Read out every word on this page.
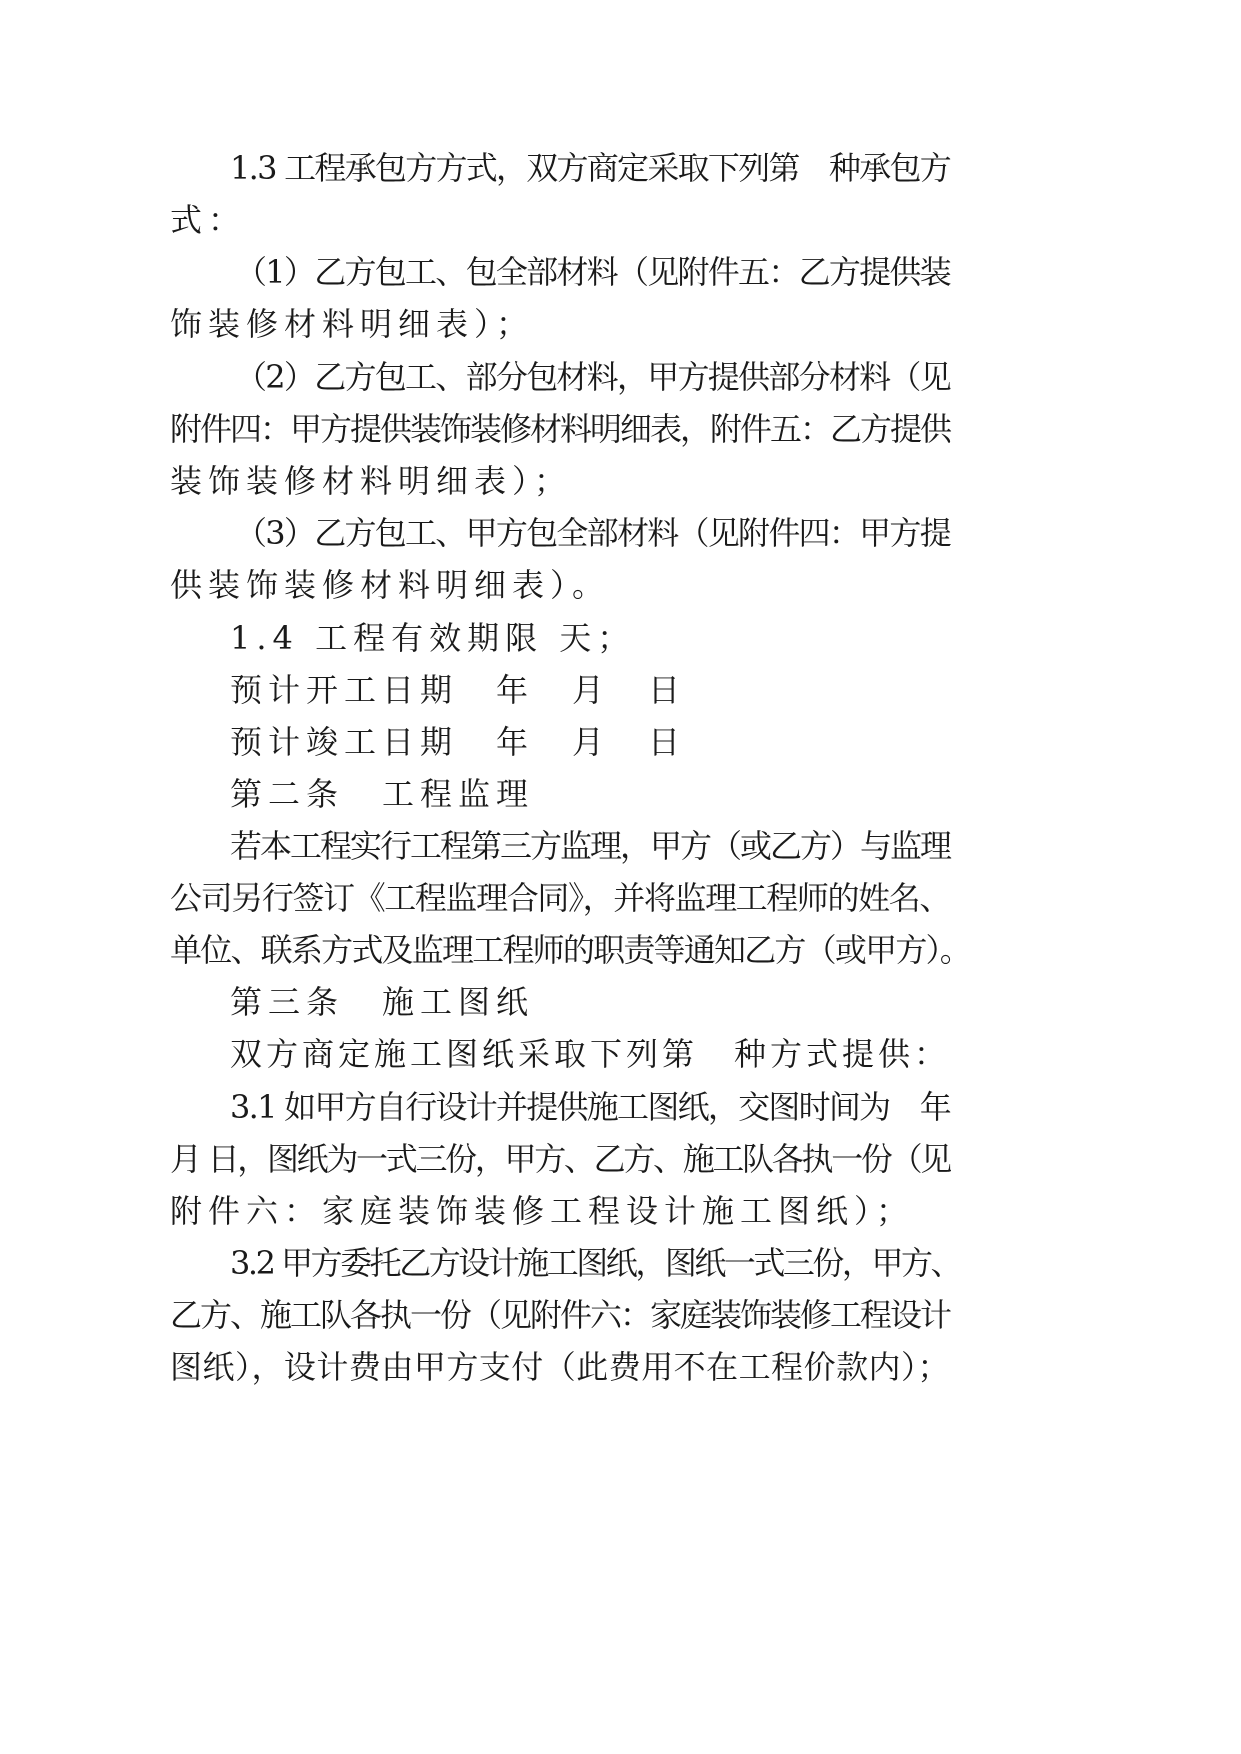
1.3 工程承包方方式，双方商定采取下列第　种承包方
式：
（1）乙方包工、包全部材料（见附件五：乙方提供装
饰装修材料明细表）；
（2）乙方包工、部分包材料，甲方提供部分材料（见
附件四：甲方提供装饰装修材料明细表，附件五：乙方提供
装饰装修材料明细表）；
（3）乙方包工、甲方包全部材料（见附件四：甲方提
供装饰装修材料明细表）。
1.4 工程有效期限 天；
预计开工日期　年　月　日
预计竣工日期　年　月　日
第二条　工程监理
若本工程实行工程第三方监理，甲方（或乙方）与监理
公司另行签订《工程监理合同》，并将监理工程师的姓名、
单位、联系方式及监理工程师的职责等通知乙方（或甲方）。
第三条　施工图纸
双方商定施工图纸采取下列第　种方式提供：
3.1 如甲方自行设计并提供施工图纸，交图时间为　年
月 日，图纸为一式三份，甲方、乙方、施工队各执一份（见
附件六：家庭装饰装修工程设计施工图纸）；
3.2 甲方委托乙方设计施工图纸，图纸一式三份，甲方、
乙方、施工队各执一份（见附件六：家庭装饰装修工程设计
图纸），设计费由甲方支付（此费用不在工程价款内）；
